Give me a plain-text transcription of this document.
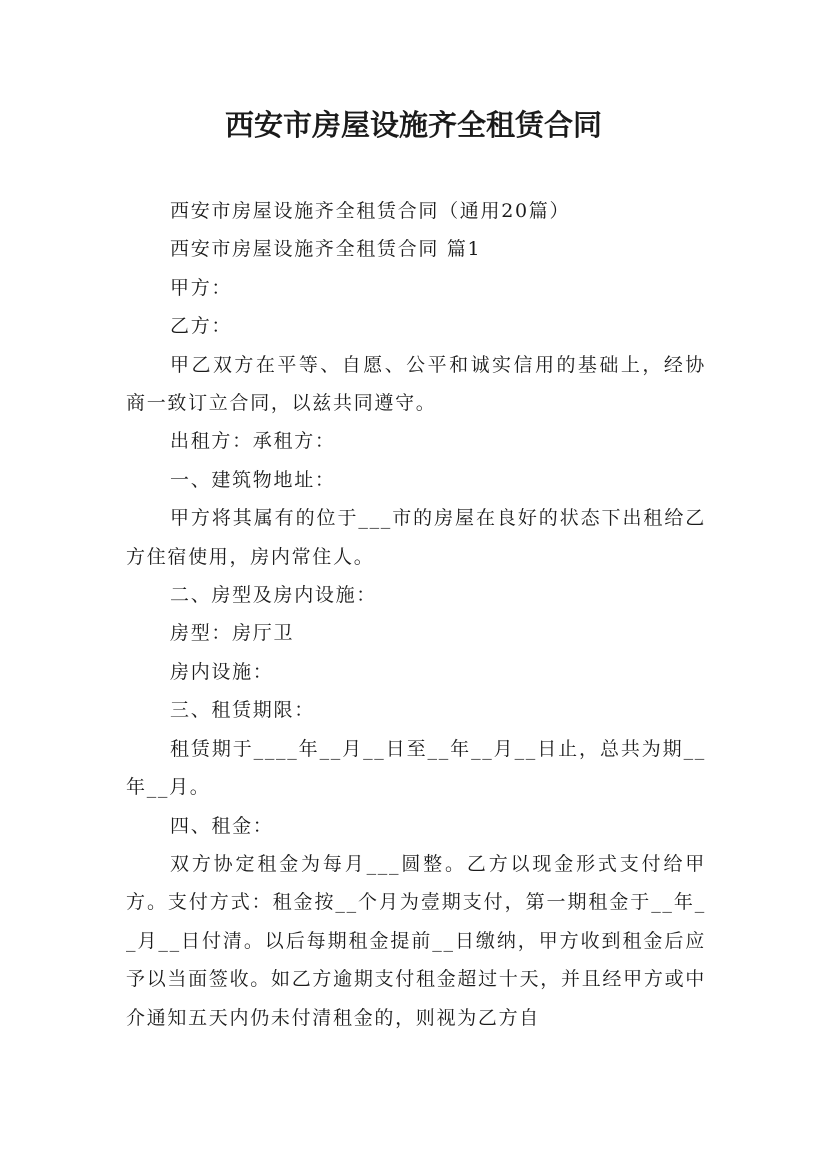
西安市房屋设施齐全租赁合同

西安市房屋设施齐全租赁合同（通用20篇）

西安市房屋设施齐全租赁合同 篇1

甲方：

乙方：

甲乙双方在平等、自愿、公平和诚实信用的基础上，经协商一致订立合同，以兹共同遵守。

出租方：承租方：

一、建筑物地址：

甲方将其属有的位于___市的房屋在良好的状态下出租给乙方住宿使用，房内常住人。

二、房型及房内设施：

房型：房厅卫

房内设施：

三、租赁期限：

租赁期于____年__月__日至__年__月__日止，总共为期__年__月。

四、租金：

双方协定租金为每月___圆整。乙方以现金形式支付给甲方。支付方式：租金按__个月为壹期支付，第一期租金于__年__月__日付清。以后每期租金提前__日缴纳，甲方收到租金后应予以当面签收。如乙方逾期支付租金超过十天，并且经甲方或中介通知五天内仍未付清租金的，则视为乙方自
